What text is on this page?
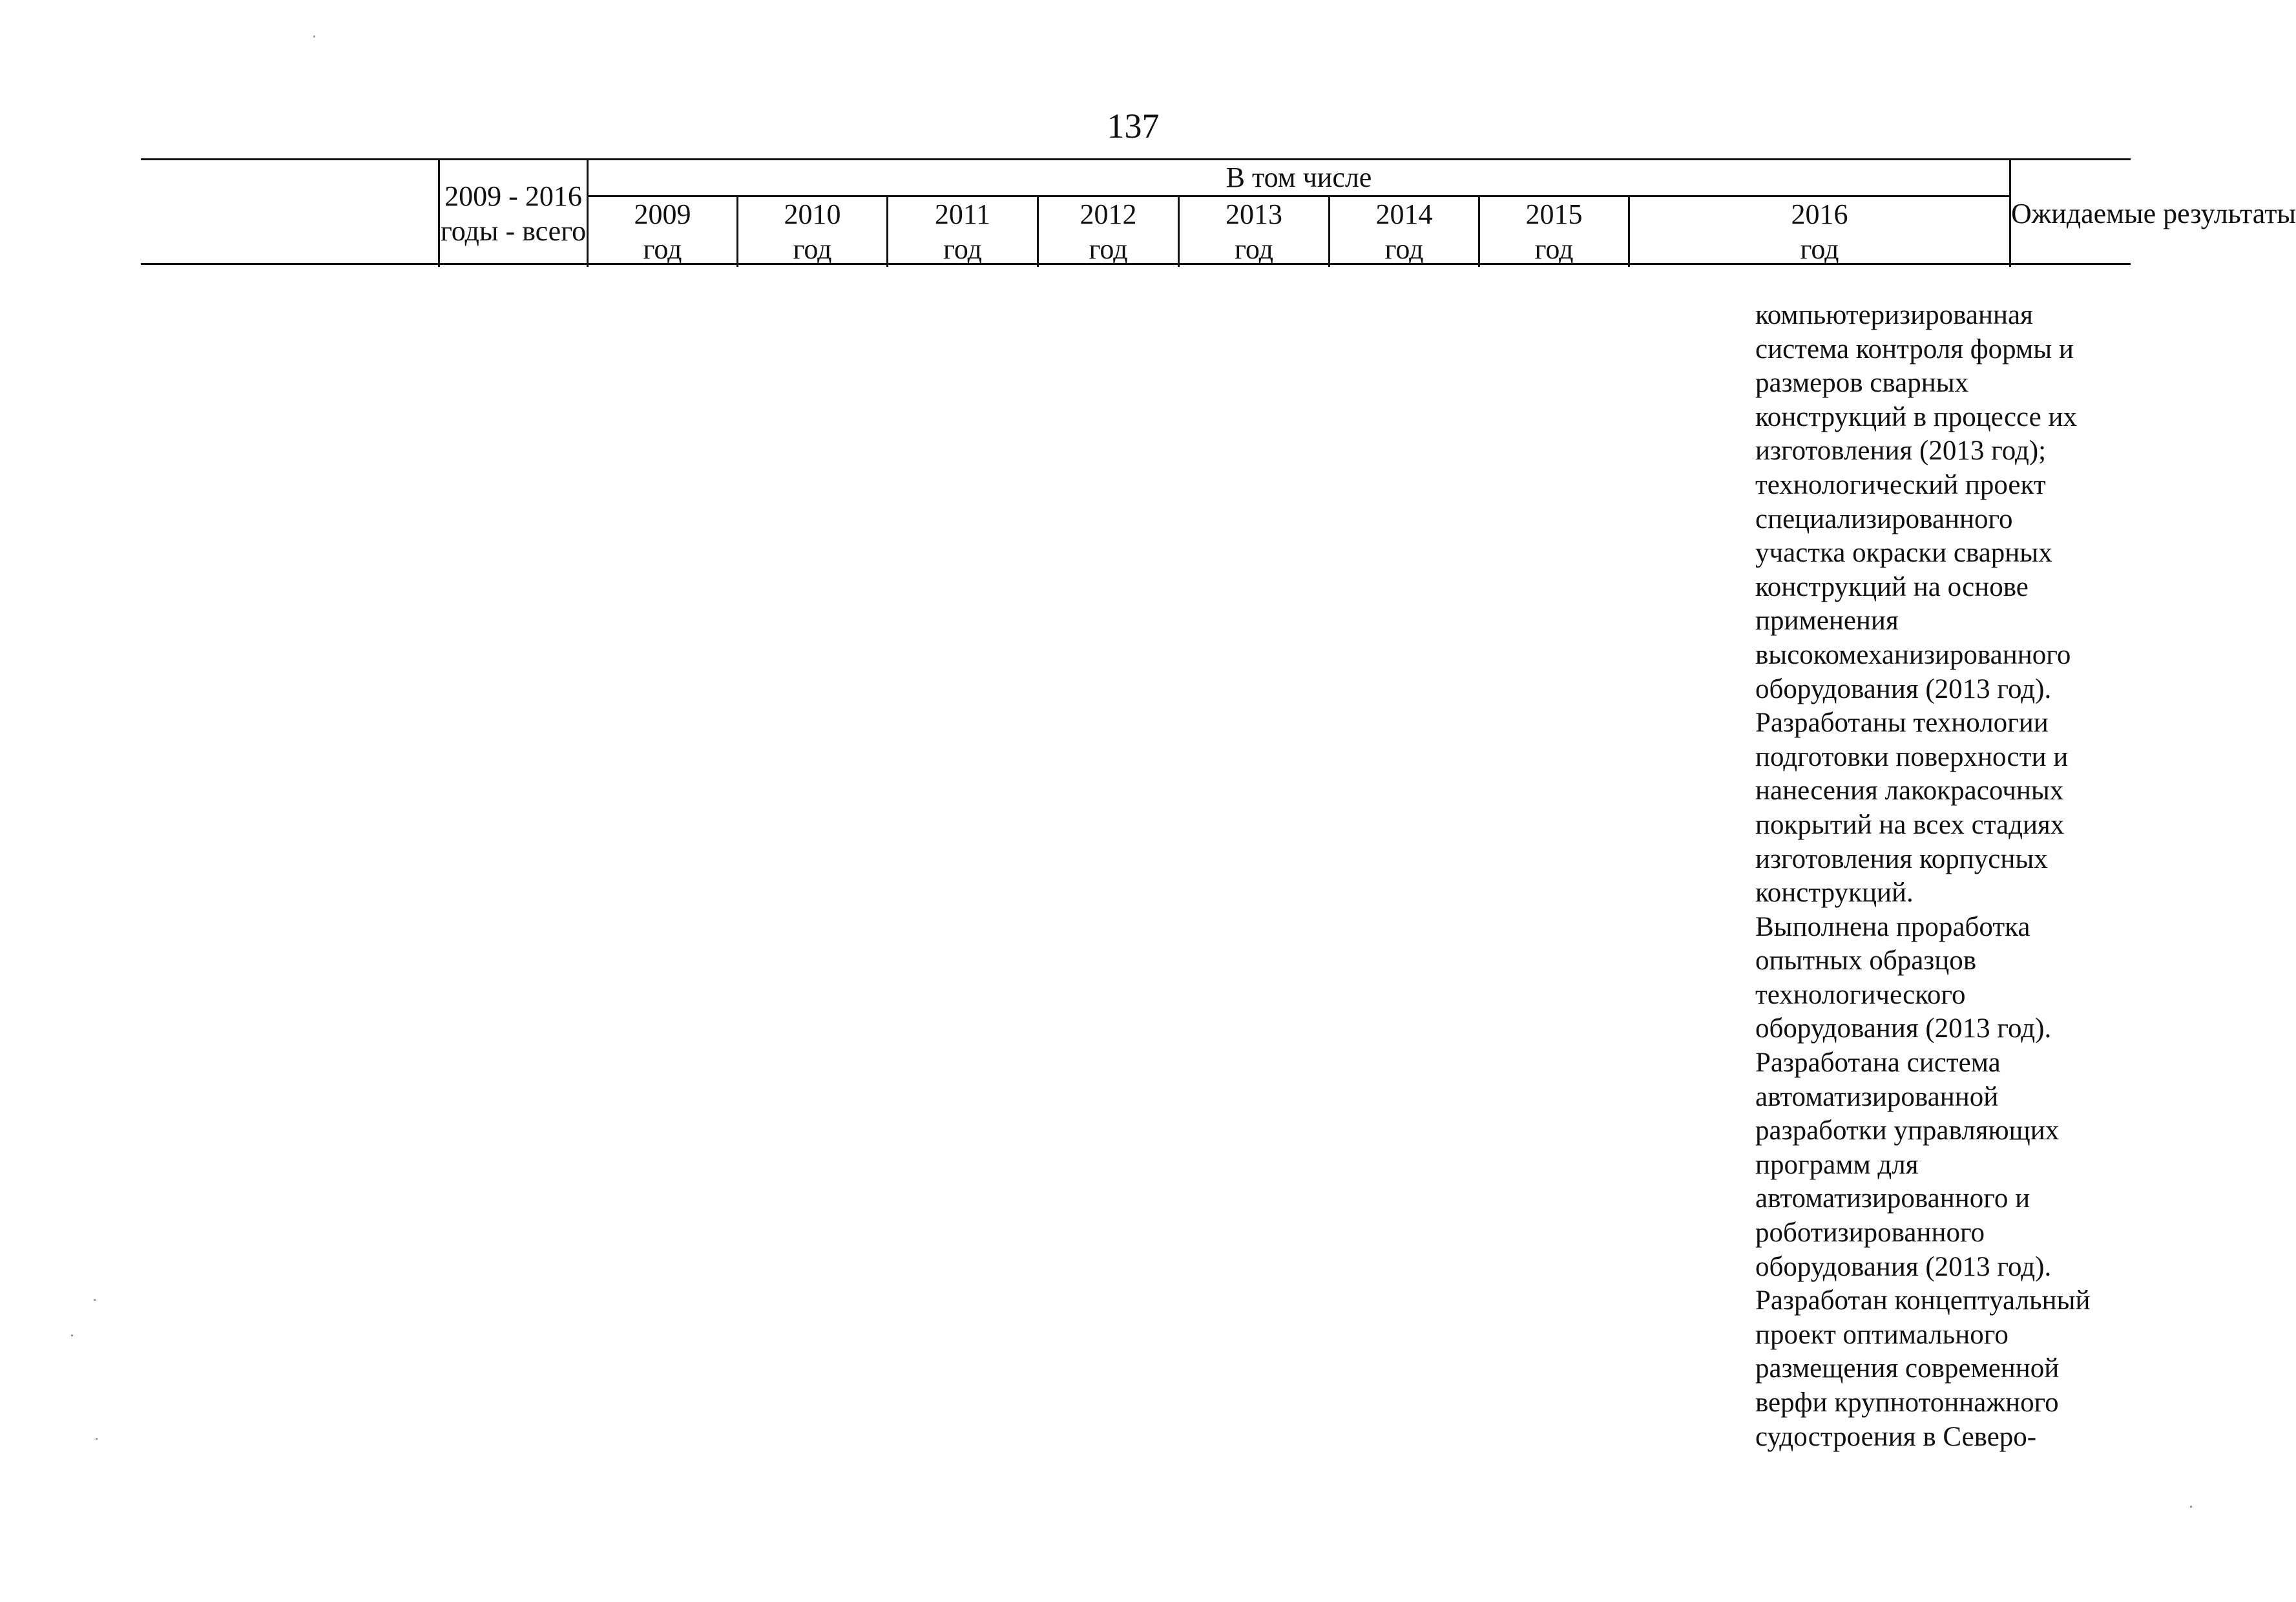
137
2009 - 2016
годы - всего
В том числе
2009
год
2010
год
2011
год
2012
год
2013
год
2014
год
2015
год
2016
год
Ожидаемые результаты

компьютеризированная

система контроля формы и

размеров сварных

конструкций в процессе их

изготовления (2013 год);

технологический проект

специализированного

участка окраски сварных

конструкций на основе

применения

высокомеханизированного

оборудования (2013 год).

Разработаны технологии

подготовки поверхности и

нанесения лакокрасочных

покрытий на всех стадиях

изготовления корпусных

конструкций.

Выполнена проработка

опытных образцов

технологического

оборудования (2013 год).

Разработана система

автоматизированной

разработки управляющих

программ для

автоматизированного и

роботизированного

оборудования (2013 год).

Разработан концептуальный

проект оптимального

размещения современной

верфи крупнотоннажного

судостроения в Северо-
